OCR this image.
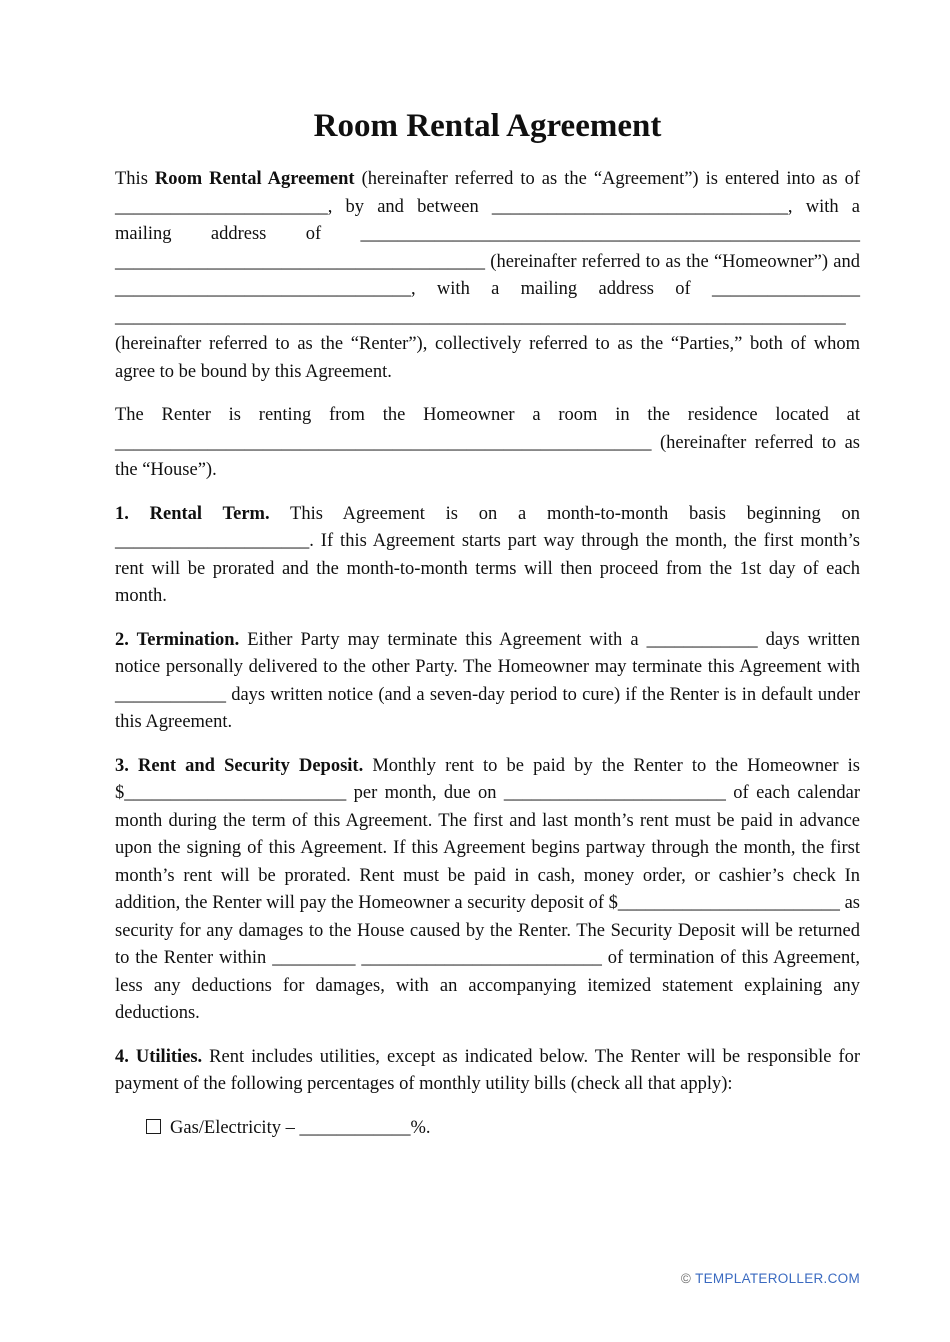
Room Rental Agreement

This Room Rental Agreement (hereinafter referred to as the “Agreement”) is entered into as of _______________________, by and between ________________________________, with a mailing address of ______________________________________________________​________________________________________ (hereinafter referred to as the “Homeowner”) and ________________________________, with a mailing address of ________________​_______________________________________________________________________________ (hereinafter referred to as the “Renter”), collectively referred to as the “Parties,” both of whom agree to be bound by this Agreement.

The Renter is renting from the Homeowner a room in the residence located at __________________________________________________________ (hereinafter referred to as the “House”).

1. Rental Term. This Agreement is on a month-to-month basis beginning on _____________________. If this Agreement starts part way through the month, the first month’s rent will be prorated and the month-to-month terms will then proceed from the 1st day of each month.

2. Termination. Either Party may terminate this Agreement with a ____________ days written notice personally delivered to the other Party. The Homeowner may terminate this Agreement with ____________ days written notice (and a seven-day period to cure) if the Renter is in default under this Agreement.

3. Rent and Security Deposit. Monthly rent to be paid by the Renter to the Homeowner is $________________________ per month, due on ________________________ of each calendar month during the term of this Agreement. The first and last month’s rent must be paid in advance upon the signing of this Agreement. If this Agreement begins partway through the month, the first month’s rent will be prorated. Rent must be paid in cash, money order, or cashier’s check In addition, the Renter will pay the Homeowner a security deposit of $________________________ as security for any damages to the House caused by the Renter. The Security Deposit will be returned to the Renter within _________ __________________________ of termination of this Agreement, less any deductions for damages, with an accompanying itemized statement explaining any deductions.

4. Utilities. Rent includes utilities, except as indicated below. The Renter will be responsible for payment of the following percentages of monthly utility bills (check all that apply):

Gas/Electricity – ____________%.
© TEMPLATEROLLER.COM
